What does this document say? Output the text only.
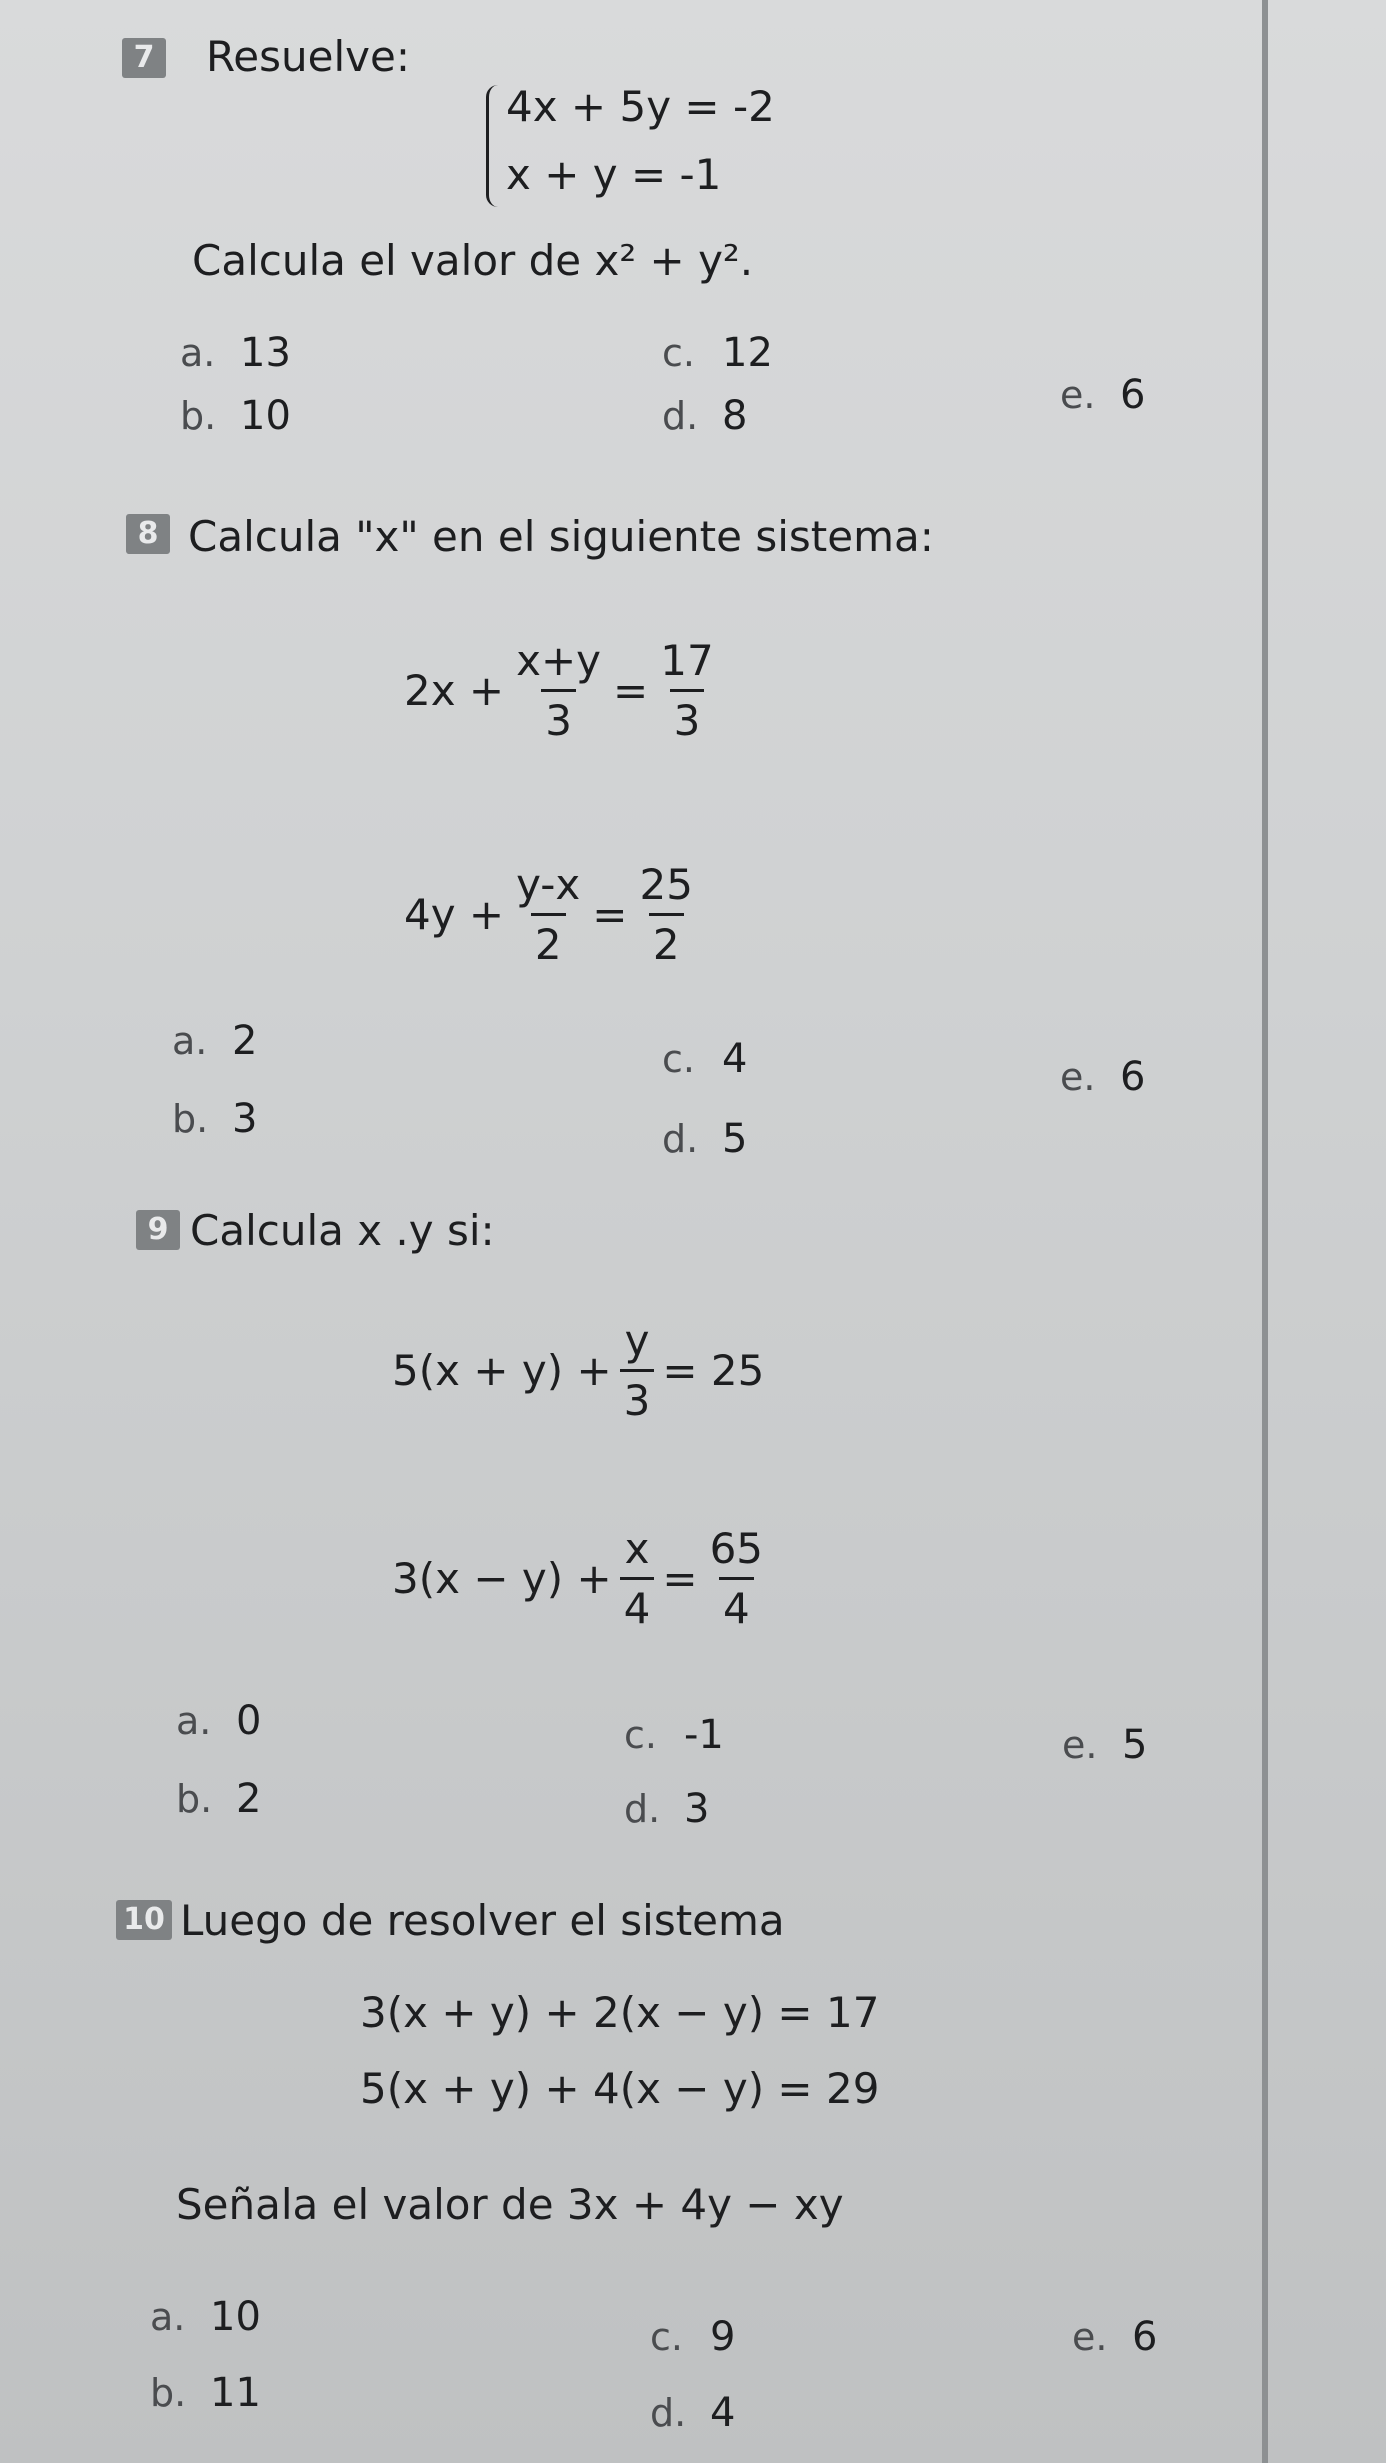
7 Resuelve:
4x + 5y = -2
x + y = -1
Calcula el valor de x² + y².
a. 13
b. 10
c. 12
d. 8	e. 6
8 Calcula "x" en el siguiente sistema:
$2x + \frac{x+y}{3} = \frac{17}{3}$
$4y + \frac{y-x}{2} = \frac{25}{2}$
a. 2
b. 3
c. 4
d. 5
e. 6
9 Calcula x .y si:
$5(x + y) + \frac{y}{3} = 25$
$3(x - y) + \frac{x}{4} = \frac{65}{4}$
a. 0
b. 2
c. -1
d. 3
e. 5
10 Luego de resolver el sistema
3(x + y) + 2(x − y) = 17
5(x + y) + 4(x − y) = 29
Señala el valor de 3x + 4y − xy
a. 10
b. 11
c. 9
d. 4
e. 6
